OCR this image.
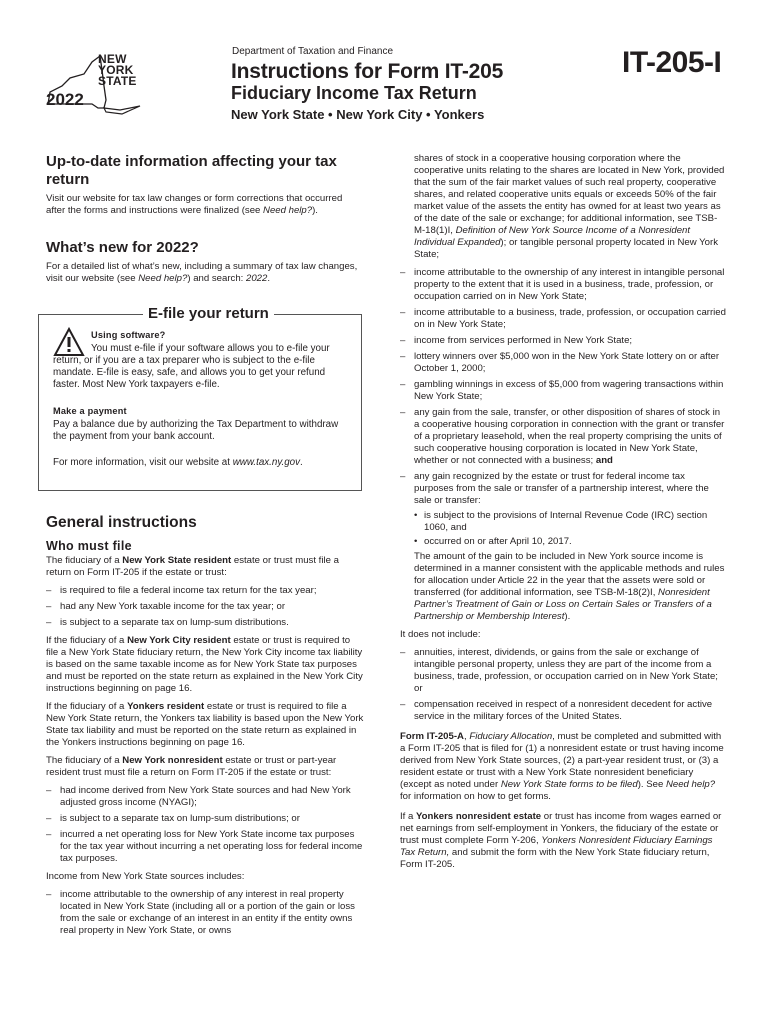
NEW
YORK
STATE
2022
Department of Taxation and Finance
Instructions for Form IT-205
Fiduciary Income Tax Return
New York State • New York City • Yonkers
IT-205-I
Up-to-date information affecting your tax return

Visit our website for tax law changes or form corrections that occurred after the forms and instructions were finalized (see Need help?).

What’s new for 2022?

For a detailed list of what’s new, including a summary of tax law changes, visit our website (see Need help?) and search: 2022.

E-file your return

Using software?

You must e-file if your software allows you to e-file your return, or if you are a tax preparer who is subject to the e-file mandate. E-file is easy, safe, and allows you to get your refund faster. Most New York taxpayers e-file.

Make a payment

Pay a balance due by authorizing the Tax Department to withdraw the payment from your bank account.

For more information, visit our website at www.tax.ny.gov.

General instructions
Who must file

The fiduciary of a New York State resident estate or trust must file a return on Form IT-205 if the estate or trust:

– is required to file a federal income tax return for the tax year;
– had any New York taxable income for the tax year; or
– is subject to a separate tax on lump-sum distributions.

If the fiduciary of a New York City resident estate or trust is required to file a New York State fiduciary return, the New York City income tax liability is based on the same taxable income as for New York State tax purposes and must be reported on the state return as explained in the New York City instructions beginning on page 16.

If the fiduciary of a Yonkers resident estate or trust is required to file a New York State return, the Yonkers tax liability is based upon the New York State tax liability and must be reported on the state return as explained in the Yonkers instructions beginning on page 16.

The fiduciary of a New York nonresident estate or trust or part-year resident trust must file a return on Form IT-205 if the estate or trust:

– had income derived from New York State sources and had New York adjusted gross income (NYAGI);
– is subject to a separate tax on lump-sum distributions; or
– incurred a net operating loss for New York State income tax purposes for the tax year without incurring a net operating loss for federal income tax purposes.

Income from New York State sources includes:

– income attributable to the ownership of any interest in real property located in New York State (including all or a portion of the gain or loss from the sale or exchange of an interest in an entity if the entity owns real property in New York State, or owns

shares of stock in a cooperative housing corporation where the cooperative units relating to the shares are located in New York, provided that the sum of the fair market values of such real property, cooperative shares, and related cooperative units equals or exceeds 50% of the fair market value of the assets the entity has owned for at least two years as of the date of the sale or exchange; for additional information, see TSB-M-18(1)I, Definition of New York Source Income of a Nonresident Individual Expanded); or tangible personal property located in New York State;

– income attributable to the ownership of any interest in intangible personal property to the extent that it is used in a business, trade, profession, or occupation carried on in New York State;
– income attributable to a business, trade, profession, or occupation carried on in New York State;
– income from services performed in New York State;
– lottery winners over $5,000 won in the New York State lottery on or after October 1, 2000;
– gambling winnings in excess of $5,000 from wagering transactions within New York State;
– any gain from the sale, transfer, or other disposition of shares of stock in a cooperative housing corporation in connection with the grant or transfer of a proprietary leasehold, when the real property comprising the units of such cooperative housing corporation is located in New York State, whether or not connected with a business; and
– any gain recognized by the estate or trust for federal income tax purposes from the sale or transfer of a partnership interest, where the sale or transfer:
• is subject to the provisions of Internal Revenue Code (IRC) section 1060, and
• occurred on or after April 10, 2017.
The amount of the gain to be included in New York source income is determined in a manner consistent with the applicable methods and rules for allocation under Article 22 in the year that the assets were sold or transferred (for additional information, see TSB-M-18(2)I, Nonresident Partner’s Treatment of Gain or Loss on Certain Sales or Transfers of a Partnership or Membership Interest).

It does not include:

– annuities, interest, dividends, or gains from the sale or exchange of intangible personal property, unless they are part of the income from a business, trade, profession, or occupation carried on in New York State; or
– compensation received in respect of a nonresident decedent for active service in the military forces of the United States.

Form IT-205-A, Fiduciary Allocation, must be completed and submitted with a Form IT-205 that is filed for (1) a nonresident estate or trust having income derived from New York State sources, (2) a part-year resident trust, or (3) a resident estate or trust with a New York State nonresident beneficiary (except as noted under New York State forms to be filed). See Need help? for information on how to get forms.

If a Yonkers nonresident estate or trust has income from wages earned or net earnings from self-employment in Yonkers, the fiduciary of the estate or trust must complete Form Y-206, Yonkers Nonresident Fiduciary Earnings Tax Return, and submit the form with the New York State fiduciary return, Form IT-205.
